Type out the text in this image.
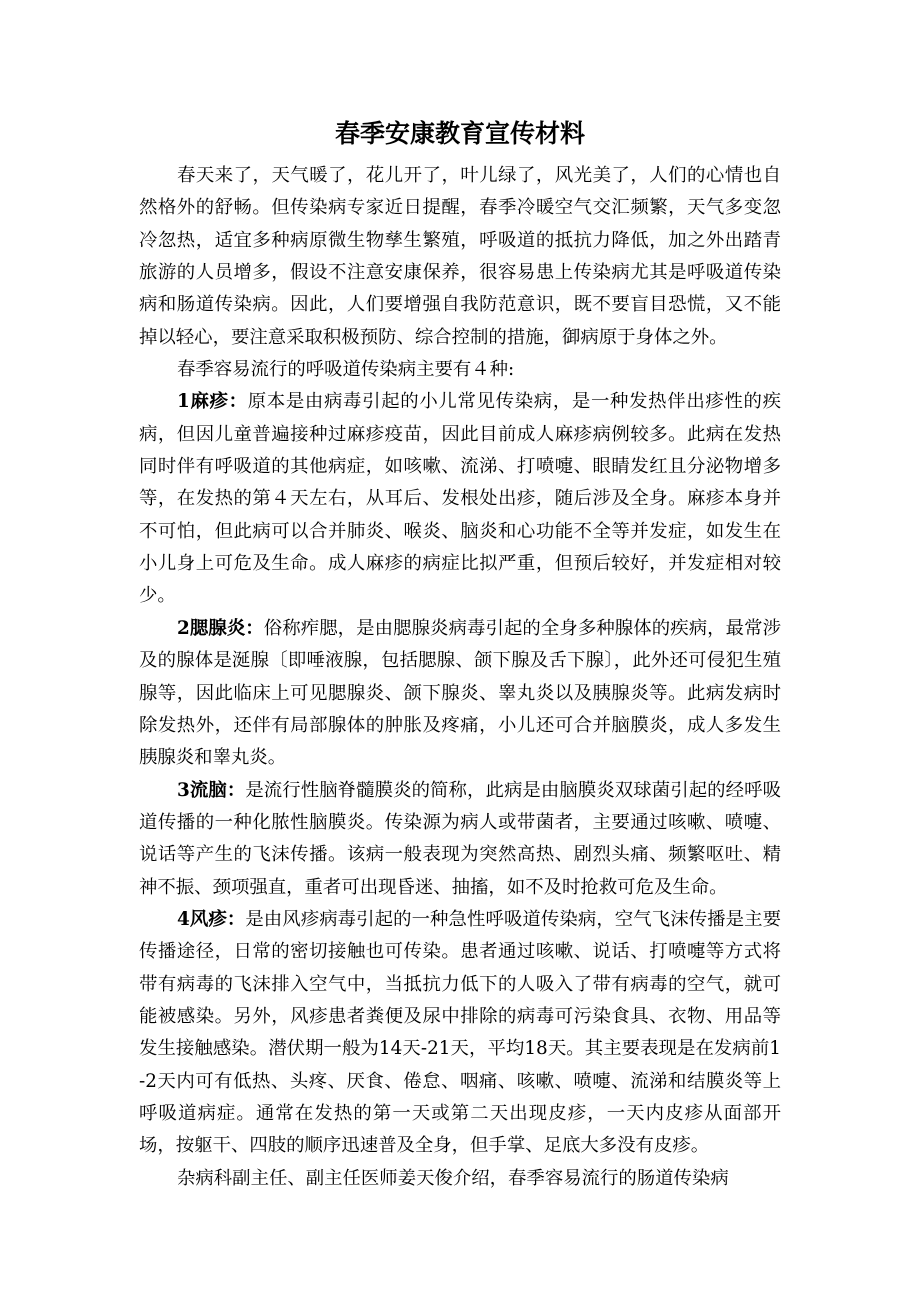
春季安康教育宣传材料

春天来了，天气暖了，花儿开了，叶儿绿了，风光美了，人们的心情也自然格外的舒畅。但传染病专家近日提醒，春季冷暖空气交汇频繁，天气多变忽冷忽热，适宜多种病原微生物孳生繁殖，呼吸道的抵抗力降低，加之外出踏青旅游的人员增多，假设不注意安康保养，很容易患上传染病尤其是呼吸道传染病和肠道传染病。因此，人们要增强自我防范意识，既不要盲目恐慌，又不能掉以轻心，要注意采取积极预防、综合控制的措施，御病原于身体之外。

春季容易流行的呼吸道传染病主要有４种:

1麻疹：原本是由病毒引起的小儿常见传染病，是一种发热伴出疹性的疾病，但因儿童普遍接种过麻疹疫苗，因此目前成人麻疹病例较多。此病在发热同时伴有呼吸道的其他病症，如咳嗽、流涕、打喷嚏、眼睛发红且分泌物增多等，在发热的第４天左右，从耳后、发根处出疹，随后涉及全身。麻疹本身并不可怕，但此病可以合并肺炎、喉炎、脑炎和心功能不全等并发症，如发生在小儿身上可危及生命。成人麻疹的病症比拟严重，但预后较好，并发症相对较少。

2腮腺炎：俗称痄腮，是由腮腺炎病毒引起的全身多种腺体的疾病，最常涉及的腺体是涎腺〔即唾液腺，包括腮腺、颌下腺及舌下腺〕，此外还可侵犯生殖腺等，因此临床上可见腮腺炎、颌下腺炎、睾丸炎以及胰腺炎等。此病发病时除发热外，还伴有局部腺体的肿胀及疼痛，小儿还可合并脑膜炎，成人多发生胰腺炎和睾丸炎。

3流脑：是流行性脑脊髓膜炎的简称，此病是由脑膜炎双球菌引起的经呼吸道传播的一种化脓性脑膜炎。传染源为病人或带菌者，主要通过咳嗽、喷嚏、说话等产生的飞沫传播。该病一般表现为突然高热、剧烈头痛、频繁呕吐、精神不振、颈项强直，重者可出现昏迷、抽搐，如不及时抢救可危及生命。

4风疹：是由风疹病毒引起的一种急性呼吸道传染病，空气飞沫传播是主要传播途径，日常的密切接触也可传染。患者通过咳嗽、说话、打喷嚏等方式将带有病毒的飞沫排入空气中，当抵抗力低下的人吸入了带有病毒的空气，就可能被感染。另外，风疹患者粪便及尿中排除的病毒可污染食具、衣物、用品等发生接触感染。潜伏期一般为14天-21天，平均18天。其主要表现是在发病前1-2天内可有低热、头疼、厌食、倦怠、咽痛、咳嗽、喷嚏、流涕和结膜炎等上呼吸道病症。通常在发热的第一天或第二天出现皮疹，一天内皮疹从面部开场，按躯干、四肢的顺序迅速普及全身，但手掌、足底大多没有皮疹。

杂病科副主任、副主任医师姜天俊介绍，春季容易流行的肠道传染病
